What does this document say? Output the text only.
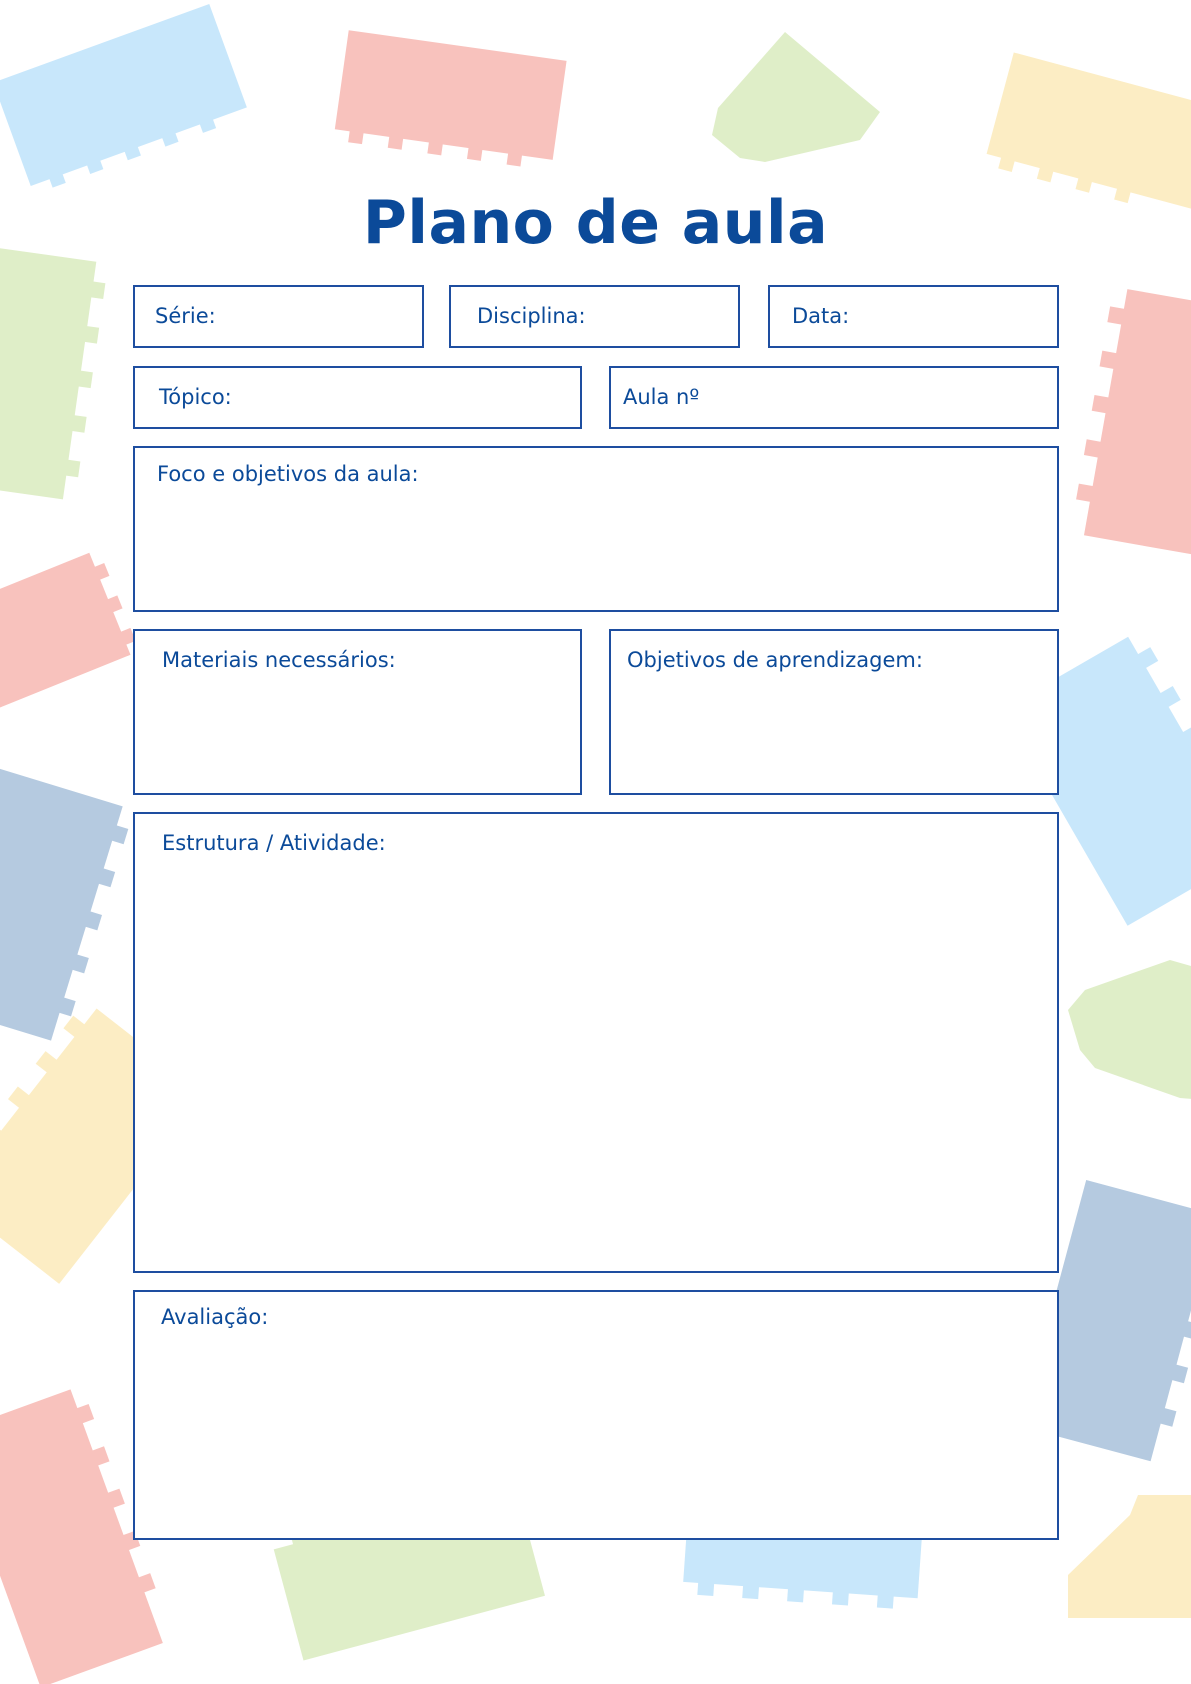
Plano de aula
Série:	Disciplina:	Data:
Tópico:	Aula nº
Foco e objetivos da aula:
Materiais necessários:	Objetivos de aprendizagem:
Estrutura / Atividade:
Avaliação:
